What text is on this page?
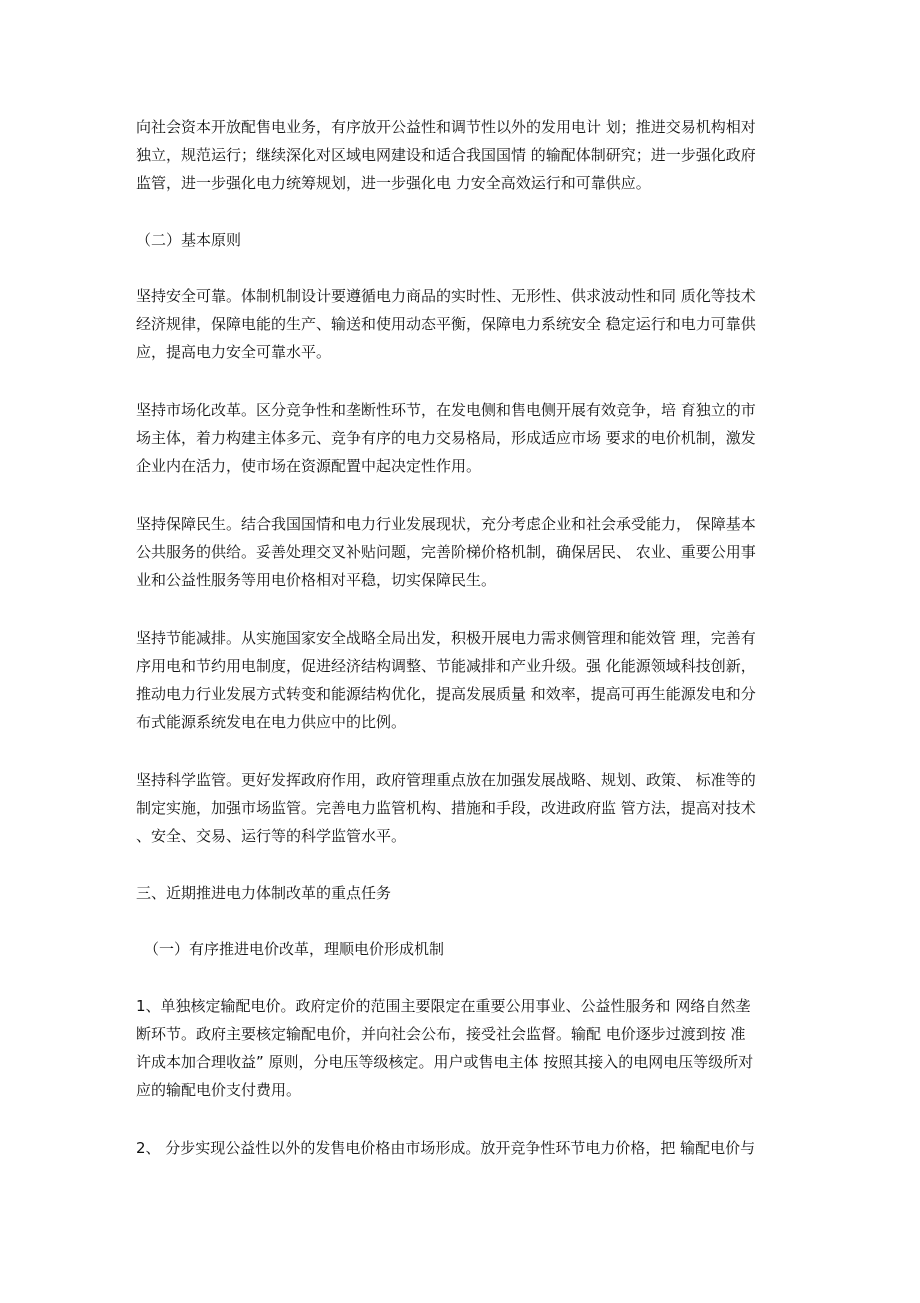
向社会资本开放配售电业务，有序放开公益性和调节性以外的发用电计 划；推进交易机构相对
独立，规范运行；继续深化对区域电网建设和适合我国国情 的输配体制研究；进一步强化政府
监管，进一步强化电力统筹规划，进一步强化电 力安全高效运行和可靠供应。

（二）基本原则

坚持安全可靠。体制机制设计要遵循电力商品的实时性、无形性、供求波动性和同 质化等技术
经济规律，保障电能的生产、输送和使用动态平衡，保障电力系统安全 稳定运行和电力可靠供
应，提高电力安全可靠水平。

坚持市场化改革。区分竞争性和垄断性环节，在发电侧和售电侧开展有效竞争，培 育独立的市
场主体，着力构建主体多元、竞争有序的电力交易格局，形成适应市场 要求的电价机制，激发
企业内在活力，使市场在资源配置中起决定性作用。

坚持保障民生。结合我国国情和电力行业发展现状，充分考虑企业和社会承受能力， 保障基本
公共服务的供给。妥善处理交叉补贴问题，完善阶梯价格机制，确保居民、 农业、重要公用事
业和公益性服务等用电价格相对平稳，切实保障民生。

坚持节能减排。从实施国家安全战略全局出发，积极开展电力需求侧管理和能效管 理，完善有
序用电和节约用电制度，促进经济结构调整、节能减排和产业升级。强 化能源领域科技创新，
推动电力行业发展方式转变和能源结构优化，提高发展质量 和效率，提高可再生能源发电和分
布式能源系统发电在电力供应中的比例。

坚持科学监管。更好发挥政府作用，政府管理重点放在加强发展战略、规划、政策、 标准等的
制定实施，加强市场监管。完善电力监管机构、措施和手段，改进政府监 管方法，提高对技术
、安全、交易、运行等的科学监管水平。

三、近期推进电力体制改革的重点任务

（一）有序推进电价改革，理顺电价形成机制

1、单独核定输配电价。政府定价的范围主要限定在重要公用事业、公益性服务和 网络自然垄
断环节。政府主要核定输配电价，并向社会公布，接受社会监督。输配 电价逐步过渡到按 准
许成本加合理收益” 原则，分电压等级核定。用户或售电主体 按照其接入的电网电压等级所对
应的输配电价支付费用。

2、 分步实现公益性以外的发售电价格由市场形成。放开竞争性环节电力价格，把 输配电价与
